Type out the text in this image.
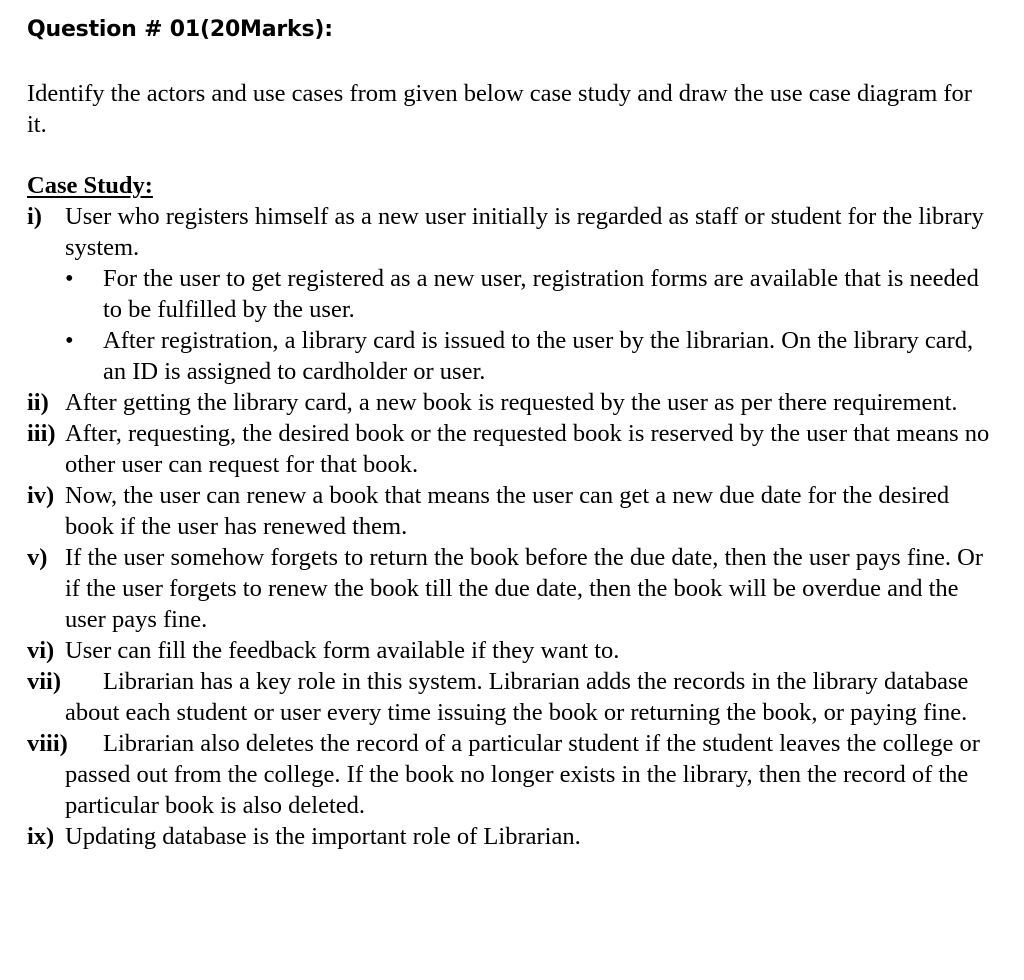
Question # 01(20Marks):
Identify the actors and use cases from given below case study and draw the use case diagram for it.
Case Study:
i) User who registers himself as a new user initially is regarded as staff or student for the library system.
• For the user to get registered as a new user, registration forms are available that is needed to be fulfilled by the user.
• After registration, a library card is issued to the user by the librarian. On the library card, an ID is assigned to cardholder or user.
ii) After getting the library card, a new book is requested by the user as per there requirement.
iii) After, requesting, the desired book or the requested book is reserved by the user that means no other user can request for that book.
iv) Now, the user can renew a book that means the user can get a new due date for the desired book if the user has renewed them.
v) If the user somehow forgets to return the book before the due date, then the user pays fine. Or if the user forgets to renew the book till the due date, then the book will be overdue and the user pays fine.
vi) User can fill the feedback form available if they want to.
vii) Librarian has a key role in this system. Librarian adds the records in the library database about each student or user every time issuing the book or returning the book, or paying fine.
viii) Librarian also deletes the record of a particular student if the student leaves the college or passed out from the college. If the book no longer exists in the library, then the record of the particular book is also deleted.
ix) Updating database is the important role of Librarian.
